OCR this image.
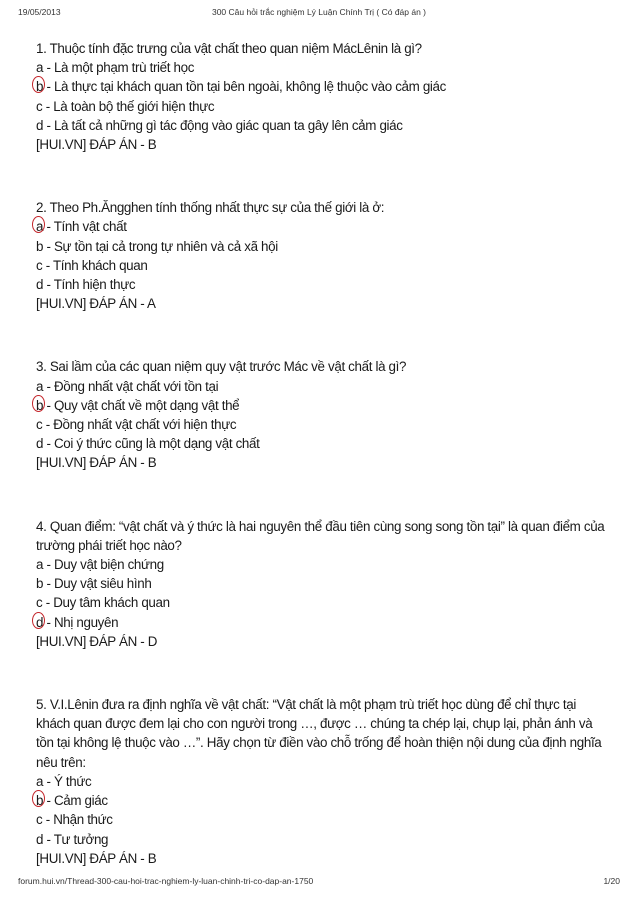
19/05/2013	300 Câu hỏi trắc nghiệm Lý Luận Chính Trị ( Có đáp án )
1. Thuộc tính đặc trưng của vật chất theo quan niệm MácLênin là gì?
a - Là một phạm trù triết học
b
- Là thực tại khách quan tồn tại bên ngoài, không lệ thuộc vào cảm giác
c - Là toàn bộ thế giới hiện thực
d - Là tất cả những gì tác động vào giác quan ta gây lên cảm giác
[HUI.VN] ĐÁP ÁN - B
2. Theo Ph.Ăngghen tính thống nhất thực sự của thế giới là ở:
a
- Tính vật chất
b - Sự tồn tại cả trong tự nhiên và cả xã hội
c - Tính khách quan
d - Tính hiện thực
[HUI.VN] ĐÁP ÁN - A
3. Sai lầm của các quan niệm quy vật trước Mác về vật chất là gì?
a - Đồng nhất vật chất với tồn tại
b
- Quy vật chất về một dạng vật thể
c - Đồng nhất vật chất với hiện thực
d - Coi ý thức cũng là một dạng vật chất
[HUI.VN] ĐÁP ÁN - B
4. Quan điểm: “vật chất và ý thức là hai nguyên thể đầu tiên cùng song song tồn tại” là quan điểm của trường phái triết học nào?
a - Duy vật biện chứng
b - Duy vật siêu hình
c - Duy tâm khách quan
d
- Nhị nguyên
[HUI.VN] ĐÁP ÁN - D
5. V.I.Lênin đưa ra định nghĩa về vật chất: “Vật chất là một phạm trù triết học dùng để chỉ thực tại khách quan được đem lại cho con người trong …, được … chúng ta chép lại, chụp lại, phản ánh và tồn tại không lệ thuộc vào …”. Hãy chọn từ điền vào chỗ trống để hoàn thiện nội dung của định nghĩa nêu trên:
a - Ý thức
b
- Cảm giác
c - Nhận thức
d - Tư tưởng
[HUI.VN] ĐÁP ÁN - B
forum.hui.vn/Thread-300-cau-hoi-trac-nghiem-ly-luan-chinh-tri-co-dap-an-1750	1/20
